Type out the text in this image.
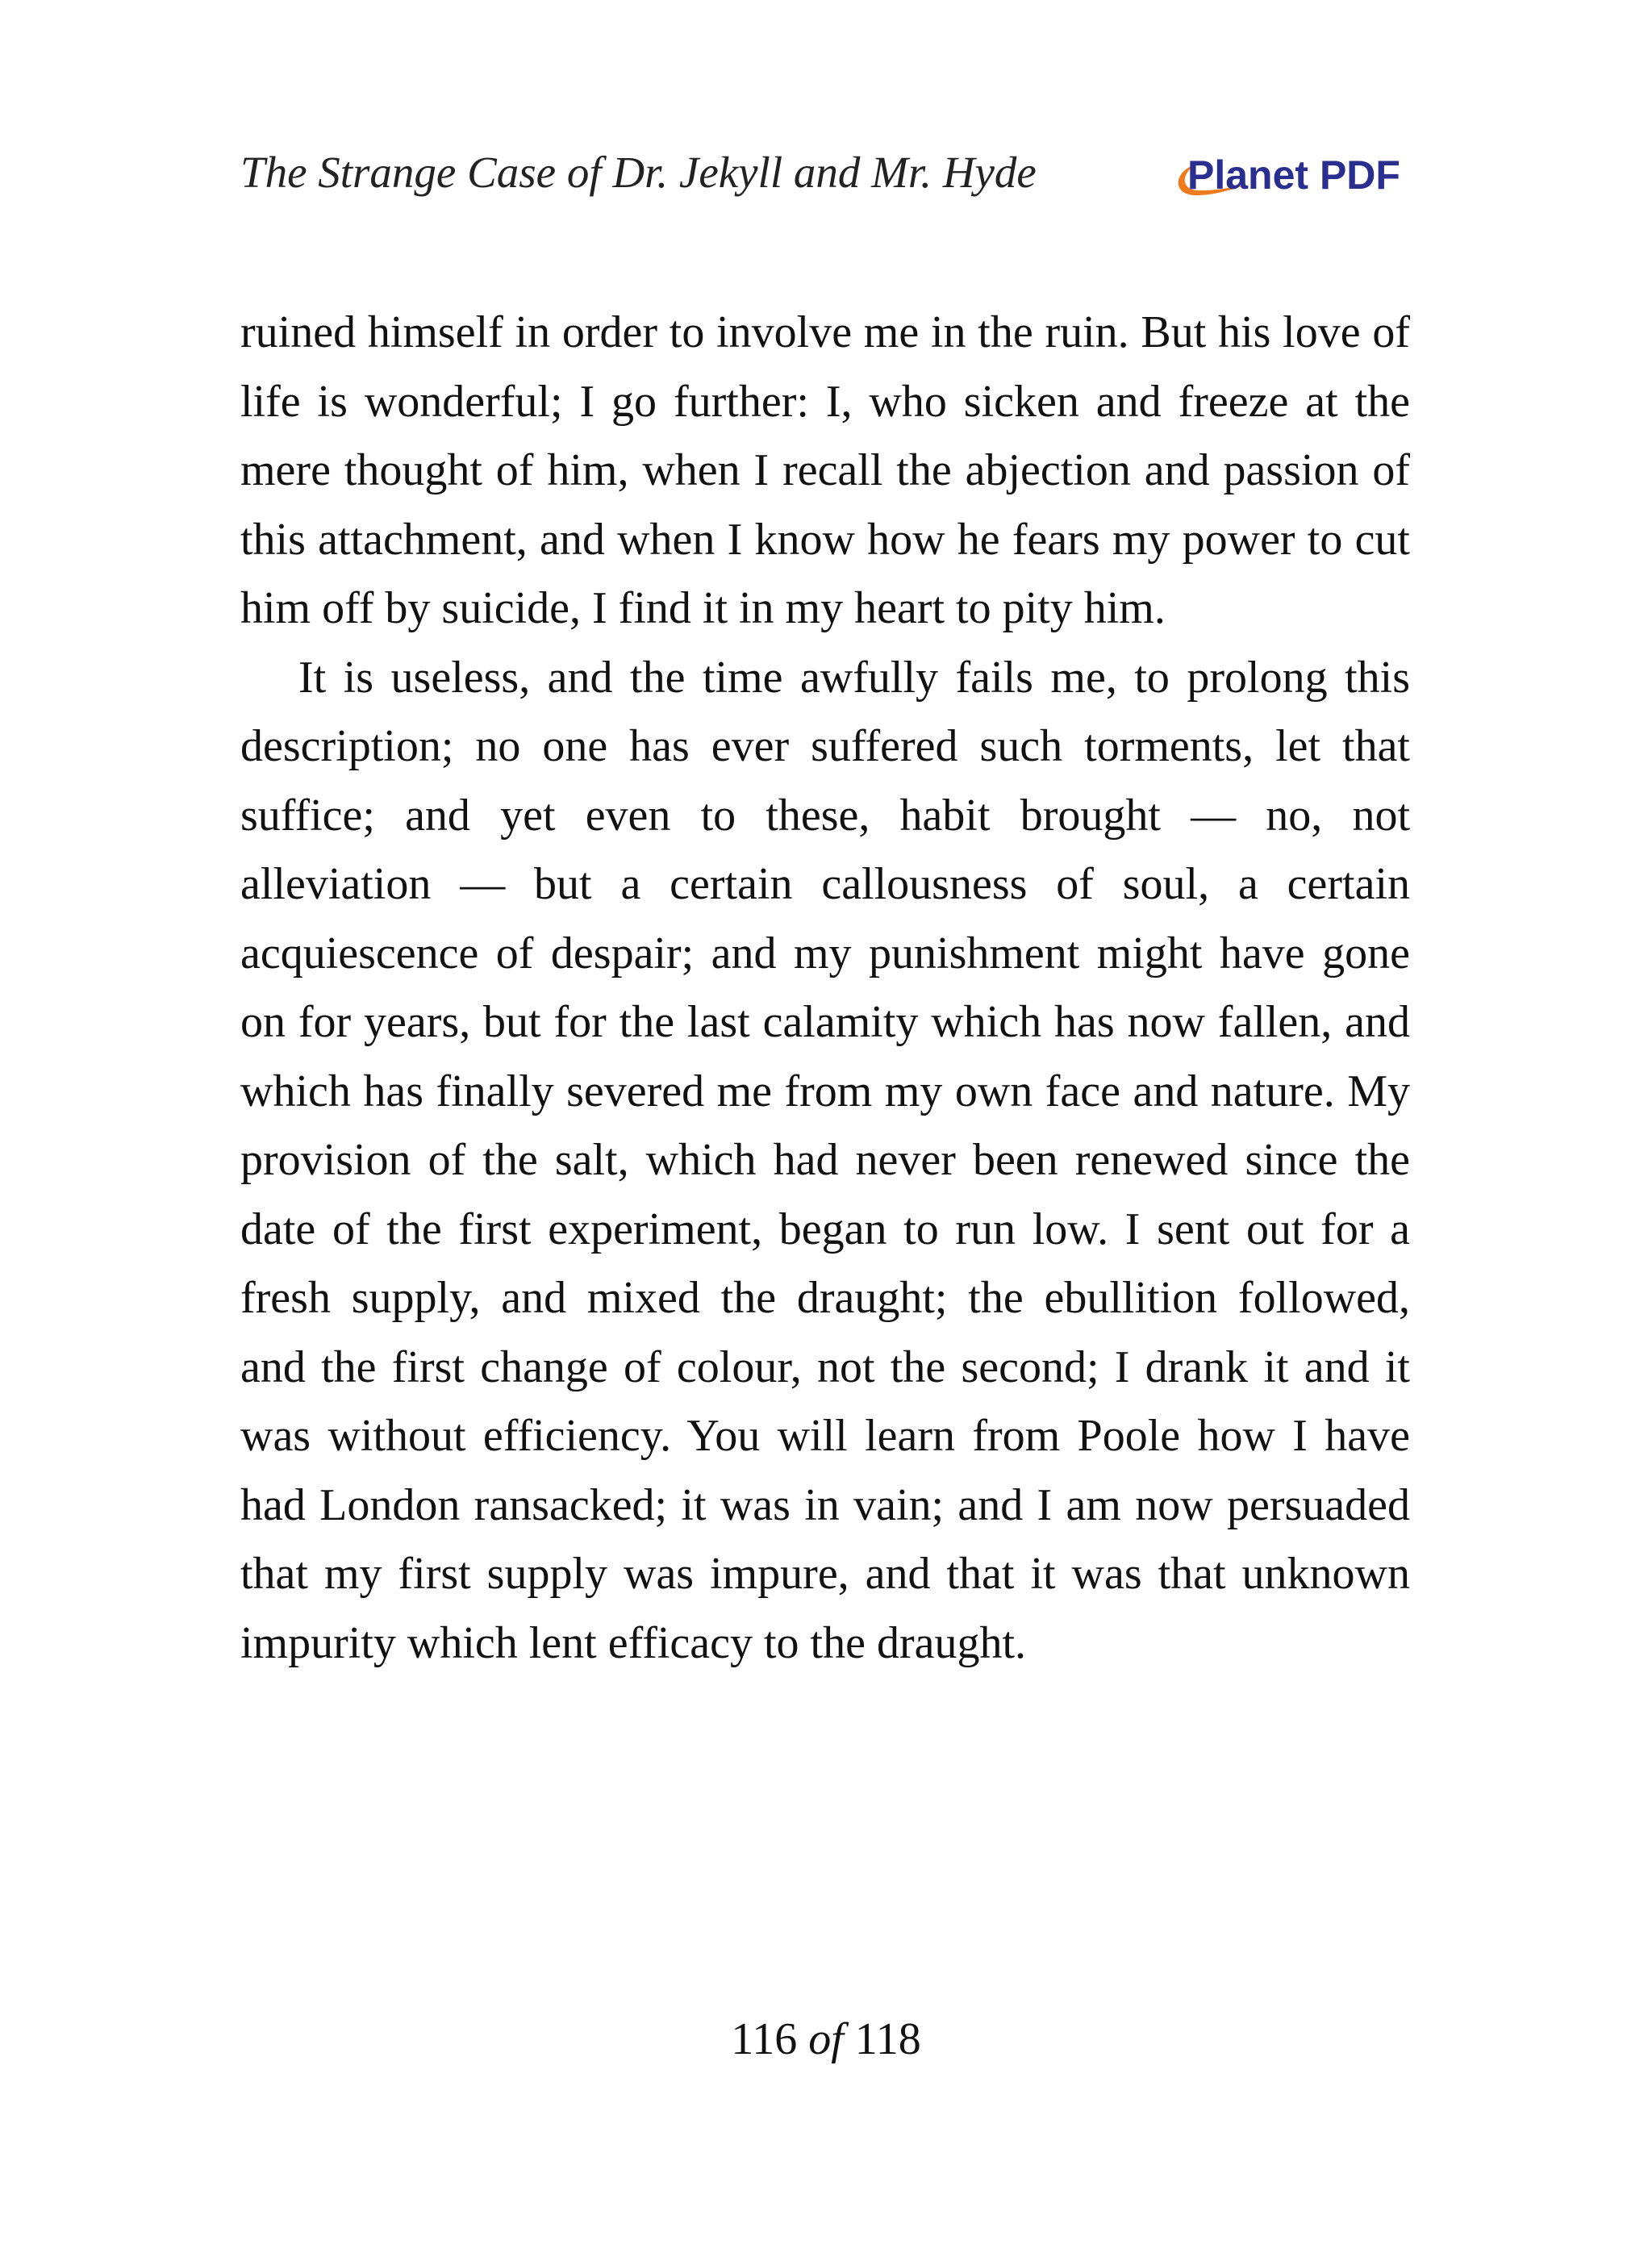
The Strange Case of Dr. Jekyll and Mr. Hyde	Planet PDF

ruined himself in order to involve me in the ruin. But his love of life is wonderful; I go further: I, who sicken and freeze at the mere thought of him, when I recall the abjection and passion of this attachment, and when I know how he fears my power to cut him off by suicide, I find it in my heart to pity him.

It is useless, and the time awfully fails me, to prolong this description; no one has ever suffered such torments, let that suffice; and yet even to these, habit brought — no, not alleviation — but a certain callousness of soul, a certain acquiescence of despair; and my punishment might have gone on for years, but for the last calamity which has now fallen, and which has finally severed me from my own face and nature. My provision of the salt, which had never been renewed since the date of the first experiment, began to run low. I sent out for a fresh supply, and mixed the draught; the ebullition followed, and the first change of colour, not the second; I drank it and it was without efficiency. You will learn from Poole how I have had London ransacked; it was in vain; and I am now persuaded that my first supply was impure, and that it was that unknown impurity which lent efficacy to the draught.

116 of 118
